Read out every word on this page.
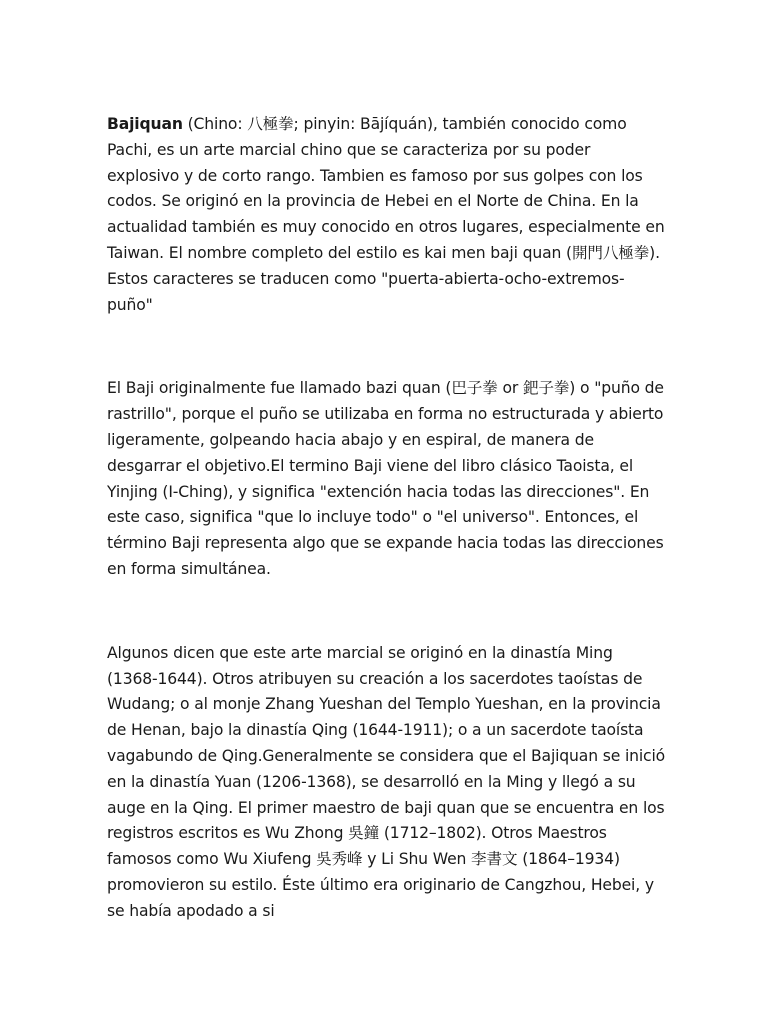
Bajiquan (Chino: 八極拳; pinyin: Bājíquán), también conocido como Pachi, es un arte marcial chino que se caracteriza por su poder explosivo y de corto rango. Tambien es famoso por sus golpes con los codos. Se originó en la provincia de Hebei en el Norte de China. En la actualidad también es muy conocido en otros lugares, especialmente en Taiwan. El nombre completo del estilo es kai men baji quan (開門八極拳). Estos caracteres se traducen como "puerta-abierta-ocho-extremos-puño"

El Baji originalmente fue llamado bazi quan (巴子拳 or 鈀子拳) o "puño de rastrillo", porque el puño se utilizaba en forma no estructurada y abierto ligeramente, golpeando hacia abajo y en espiral, de manera de desgarrar el objetivo.El termino Baji viene del libro clásico Taoista, el Yinjing (I-Ching), y significa "extención hacia todas las direcciones". En este caso, significa "que lo incluye todo" o "el universo". Entonces, el término Baji representa algo que se expande hacia todas las direcciones en forma simultánea.

Algunos dicen que este arte marcial se originó en la dinastía Ming (1368-1644). Otros atribuyen su creación a los sacerdotes taoístas de Wudang; o al monje Zhang Yueshan del Templo Yueshan, en la provincia de Henan, bajo la dinastía Qing (1644-1911); o a un sacerdote taoísta vagabundo de Qing.Generalmente se considera que el Bajiquan se inició en la dinastía Yuan (1206-1368), se desarrolló en la Ming y llegó a su auge en la Qing. El primer maestro de baji quan que se encuentra en los registros escritos es Wu Zhong 吳鐘 (1712–1802). Otros Maestros famosos como Wu Xiufeng 吳秀峰 y Li Shu Wen 李書文 (1864–1934) promovieron su estilo. Éste último era originario de Cangzhou, Hebei, y se había apodado a si
